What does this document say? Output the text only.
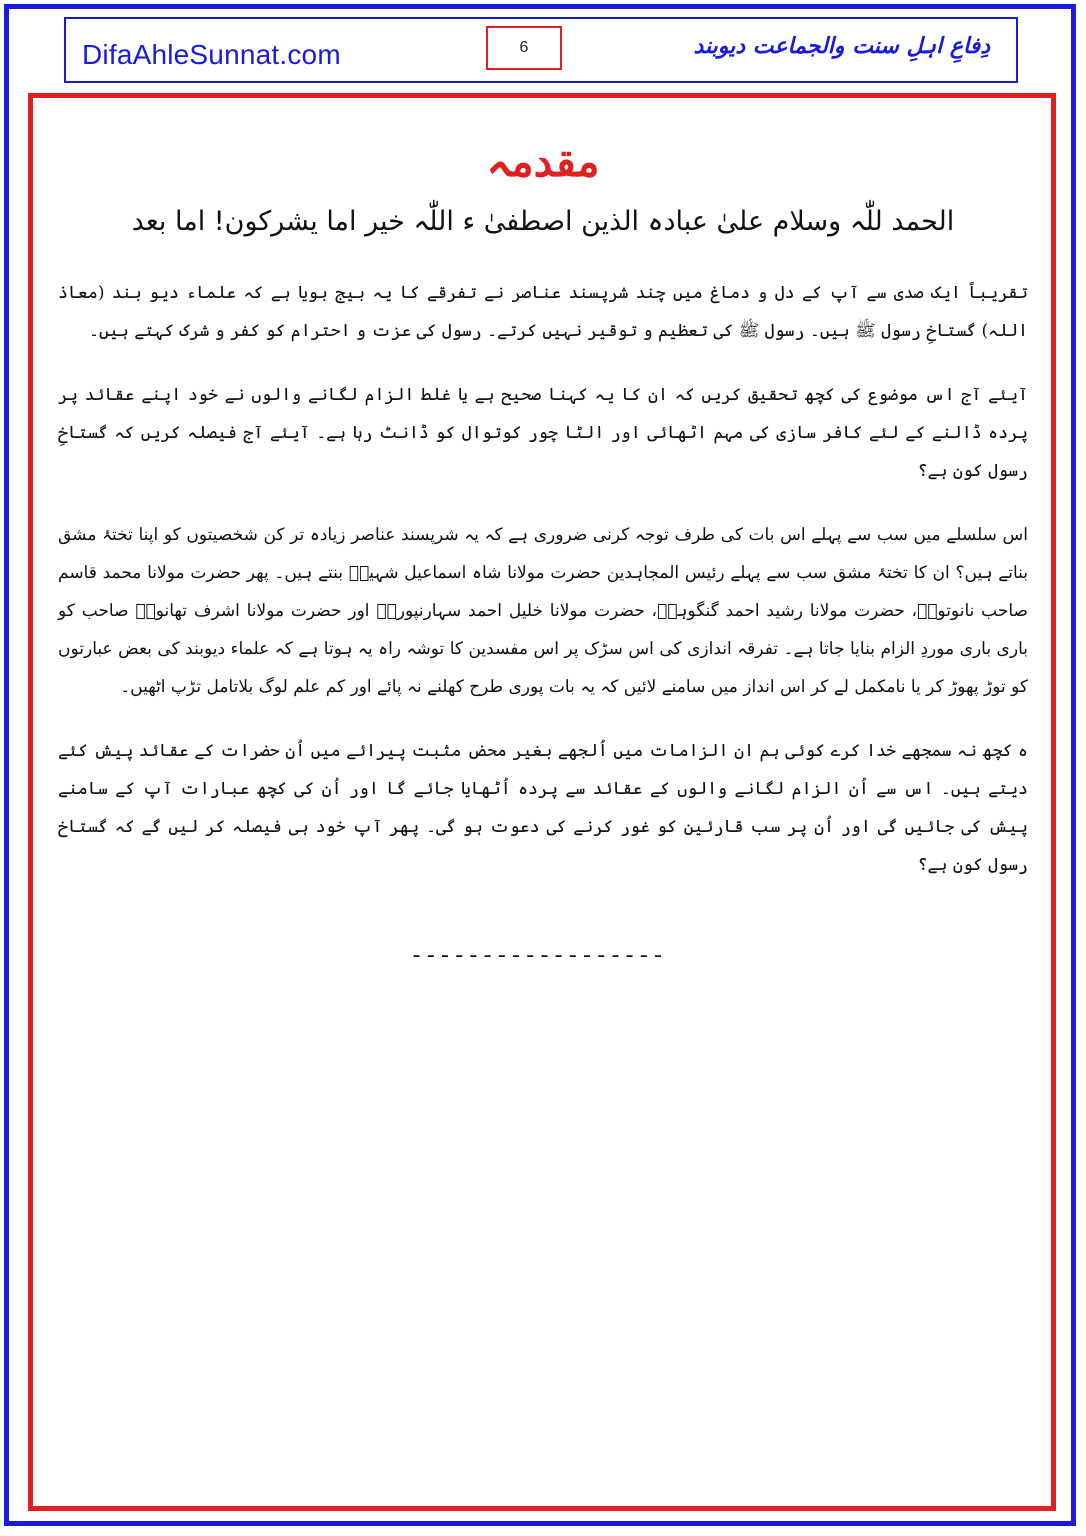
DifaAhleSunnat.com	6	دِفاعِ اہلِ سنت والجماعت دیوبند
مقدمہ
الحمد للّٰہ وسلام علیٰ عبادہ الذین اصطفیٰ ء اللّٰہ خیر اما یشرکون! اما بعد

تقریباً ایک صدی سے آپ کے دل و دماغ میں چند شرپسند عناصر نے تفرقے کا یہ بیج بویا ہے کہ علماء دیو بند (معاذ اللہ) گستاخِ رسول ﷺ ہیں۔ رسول ﷺ کی تعظیم و توقیر نہیں کرتے۔ رسول کی عزت و احترام کو کفر و شرک کہتے ہیں۔

آیئے آج اس موضوع کی کچھ تحقیق کریں کہ ان کا یہ کہنا صحیح ہے یا غلط الزام لگانے والوں نے خود اپنے عقائد پر پردہ ڈالنے کے لئے کافر سازی کی مہم اٹھائی اور الٹا چور کوتوال کو ڈانٹ رہا ہے۔ آیئے آج فیصلہ کریں کہ گستاخِ رسول کون ہے؟

اس سلسلے میں سب سے پہلے اس بات کی طرف توجہ کرنی ضروری ہے کہ یہ شرپسند عناصر زیادہ تر کن شخصیتوں کو اپنا تختۂ مشق بناتے ہیں؟ ان کا تختۂ مشق سب سے پہلے رئیس المجاہدین حضرت مولانا شاہ اسماعیل شہیدؒ بنتے ہیں۔ پھر حضرت مولانا محمد قاسم صاحب نانوتویؒ، حضرت مولانا رشید احمد گنگوہیؒ، حضرت مولانا خلیل احمد سہارنپوریؒ اور حضرت مولانا اشرف تھانویؒ صاحب کو باری باری موردِ الزام بنایا جاتا ہے۔ تفرقہ اندازی کی اس سڑک پر اس مفسدین کا توشہ راہ یہ ہوتا ہے کہ علماء دیوبند کی بعض عبارتوں کو توڑ پھوڑ کر یا نامکمل لے کر اس انداز میں سامنے لائیں کہ یہ بات پوری طرح کھلنے نہ پائے اور کم علم لوگ بلاتامل تڑپ اٹھیں۔

ہ کچھ نہ سمجھے خدا کرے کوئی ہم ان الزامات میں اُلجھے بغیر محض مثبت پیرائے میں اُن حضرات کے عقائد پیش کئے دیتے ہیں۔ اس سے اُن الزام لگانے والوں کے عقائد سے پردہ اُٹھایا جائے گا اور اُن کی کچھ عبارات آپ کے سامنے پیش کی جائیں گی اور اُن پر سب قارئین کو غور کرنے کی دعوت ہو گی۔ پھر آپ خود ہی فیصلہ کر لیں گے کہ گستاخ رسول کون ہے؟

------------------
